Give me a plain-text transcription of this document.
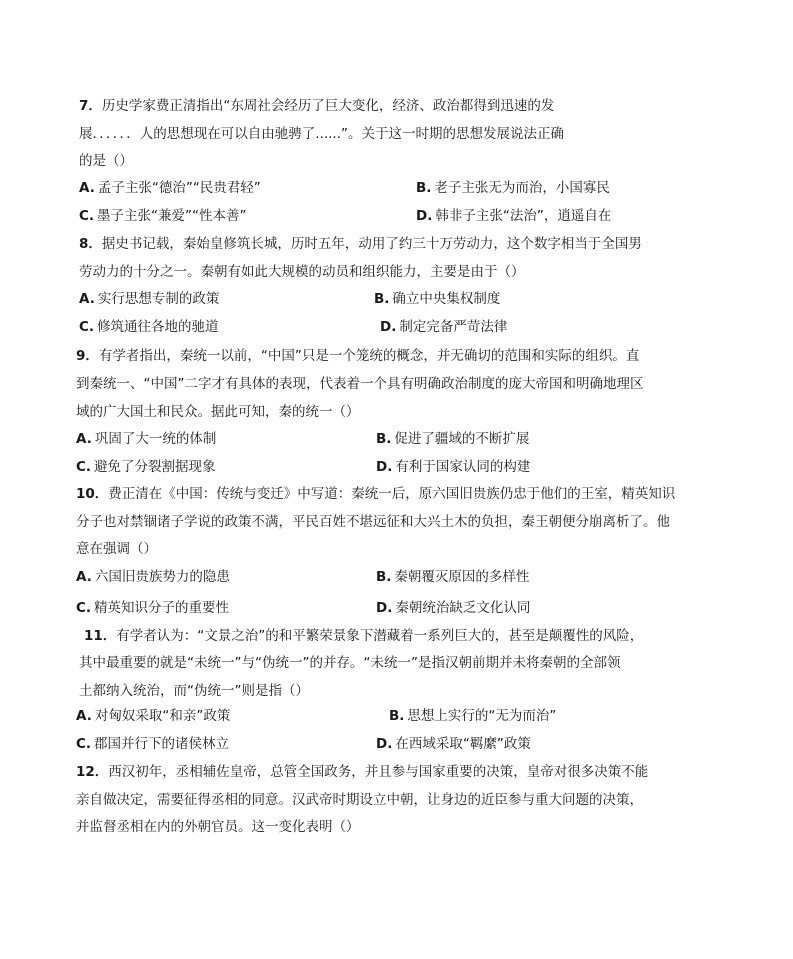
7．历史学家费正清指出“东周社会经历了巨大变化，经济、政治都得到迅速的发
展．．．．．．人的思想现在可以自由驰骋了......”。关于这一时期的思想发展说法正确
的是（）
A. 孟子主张“德治”“民贵君轻”	B. 老子主张无为而治，小国寡民
C. 墨子主张“兼爱”“性本善”	D. 韩非子主张“法治”，逍遥自在
8．据史书记载，秦始皇修筑长城，历时五年，动用了约三十万劳动力，这个数字相当于全国男
劳动力的十分之一。秦朝有如此大规模的动员和组织能力，主要是由于（）
A. 实行思想专制的政策	B. 确立中央集权制度
C. 修筑通往各地的驰道	D. 制定完备严苛法律
9．有学者指出，秦统一以前，“中国”只是一个笼统的概念，并无确切的范围和实际的组织。直
到秦统一、“中国”二字才有具体的表现，代表着一个具有明确政治制度的庞大帝国和明确地理区
域的广大国土和民众。据此可知，秦的统一（）
A. 巩固了大一统的体制	B. 促进了疆域的不断扩展
C. 避免了分裂割据现象	D. 有利于国家认同的构建
10．费正清在《中国：传统与变迁》中写道：秦统一后，原六国旧贵族仍忠于他们的王室，精英知识
分子也对禁锢诸子学说的政策不满，平民百姓不堪远征和大兴土木的负担，秦王朝便分崩离析了。他
意在强调（）
A. 六国旧贵族势力的隐患	B. 秦朝覆灭原因的多样性
C. 精英知识分子的重要性	D. 秦朝统治缺乏文化认同
11．有学者认为：“文景之治”的和平繁荣景象下潜藏着一系列巨大的，甚至是颠覆性的风险，
其中最重要的就是“未统一”与“伪统一”的并存。“未统一”是指汉朝前期并未将秦朝的全部领
土都纳入统治，而“伪统一”则是指（）
A. 对匈奴采取“和亲”政策	B. 思想上实行的“无为而治”
C. 郡国并行下的诸侯林立	D. 在西域采取“羁縻”政策
12．西汉初年，丞相辅佐皇帝，总管全国政务，并且参与国家重要的决策，皇帝对很多决策不能
亲自做决定，需要征得丞相的同意。汉武帝时期设立中朝，让身边的近臣参与重大问题的决策，
并监督丞相在内的外朝官员。这一变化表明（）
